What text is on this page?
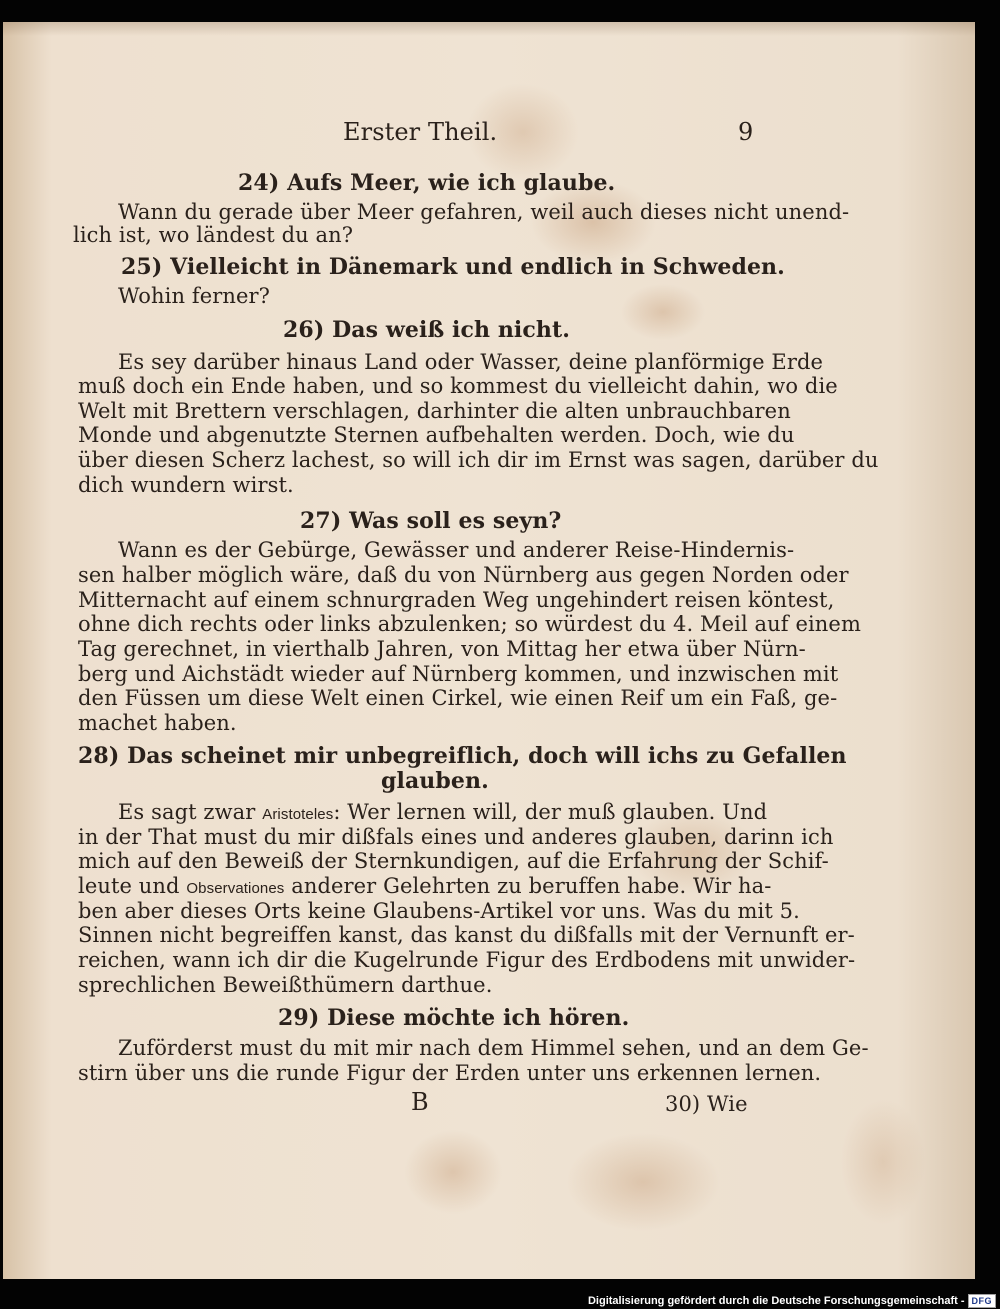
Erster Theil.	9

24) Aufs Meer, wie ich glaube.

Wann du gerade über Meer gefahren, weil auch dieses nicht unend-

lich ist, wo ländest du an?

25) Vielleicht in Dänemark und endlich in Schweden.

Wohin ferner?

26) Das weiß ich nicht.

Es sey darüber hinaus Land oder Wasser, deine planförmige Erde

muß doch ein Ende haben, und so kommest du vielleicht dahin, wo die

Welt mit Brettern verschlagen, darhinter die alten unbrauchbaren

Monde und abgenutzte Sternen aufbehalten werden. Doch, wie du

über diesen Scherz lachest, so will ich dir im Ernst was sagen, darüber du

dich wundern wirst.

27) Was soll es seyn?

Wann es der Gebürge, Gewässer und anderer Reise-Hindernis-

sen halber möglich wäre, daß du von Nürnberg aus gegen Norden oder

Mitternacht auf einem schnurgraden Weg ungehindert reisen köntest,

ohne dich rechts oder links abzulenken; so würdest du 4. Meil auf einem

Tag gerechnet, in vierthalb Jahren, von Mittag her etwa über Nürn-

berg und Aichstädt wieder auf Nürnberg kommen, und inzwischen mit

den Füssen um diese Welt einen Cirkel, wie einen Reif um ein Faß, ge-

machet haben.

28) Das scheinet mir unbegreiflich, doch will ichs zu Gefallen

glauben.

Es sagt zwar Aristoteles: Wer lernen will, der muß glauben. Und

in der That must du mir dißfals eines und anderes glauben, darinn ich

mich auf den Beweiß der Sternkundigen, auf die Erfahrung der Schif-

leute und Observationes anderer Gelehrten zu beruffen habe. Wir ha-

ben aber dieses Orts keine Glaubens-Artikel vor uns. Was du mit 5.

Sinnen nicht begreiffen kanst, das kanst du dißfalls mit der Vernunft er-

reichen, wann ich dir die Kugelrunde Figur des Erdbodens mit unwider-

sprechlichen Beweißthümern darthue.

29) Diese möchte ich hören.

Zuförderst must du mit mir nach dem Himmel sehen, und an dem Ge-

stirn über uns die runde Figur der Erden unter uns erkennen lernen.

B	30) Wie

Digitalisierung gefördert durch die Deutsche Forschungsgemeinschaft - DFG
